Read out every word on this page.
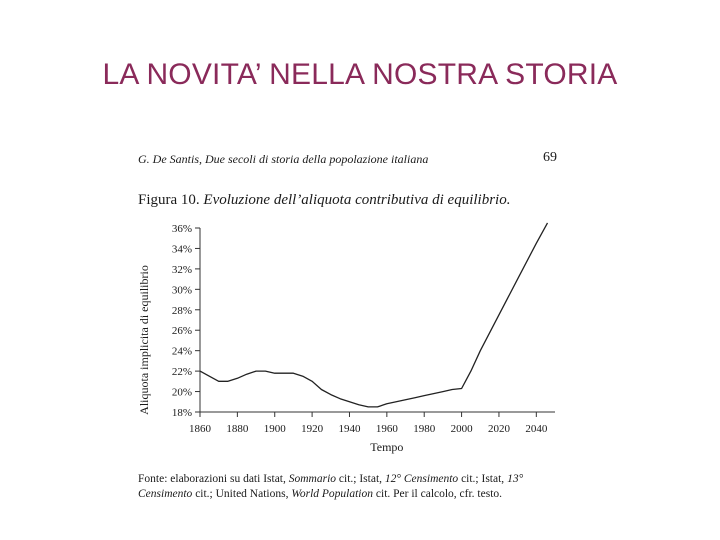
LA NOVITA’ NELLA NOSTRA STORIA
G. De Santis, Due secoli di storia della popolazione italiana	69
Figura 10. Evoluzione dell’aliquota contributiva di equilibrio.
18%
20%
22%
24%
26%
28%
30%
32%
34%
36%
1860 1880 1900 1920 1940 1960 1980 2000 2020 2040
Aliquota implicita di equilibrio
Tempo
Fonte: elaborazioni su dati Istat, Sommario cit.; Istat, 12° Censimento cit.; Istat, 13° Censimento cit.; United Nations, World Population cit. Per il calcolo, cfr. testo.
